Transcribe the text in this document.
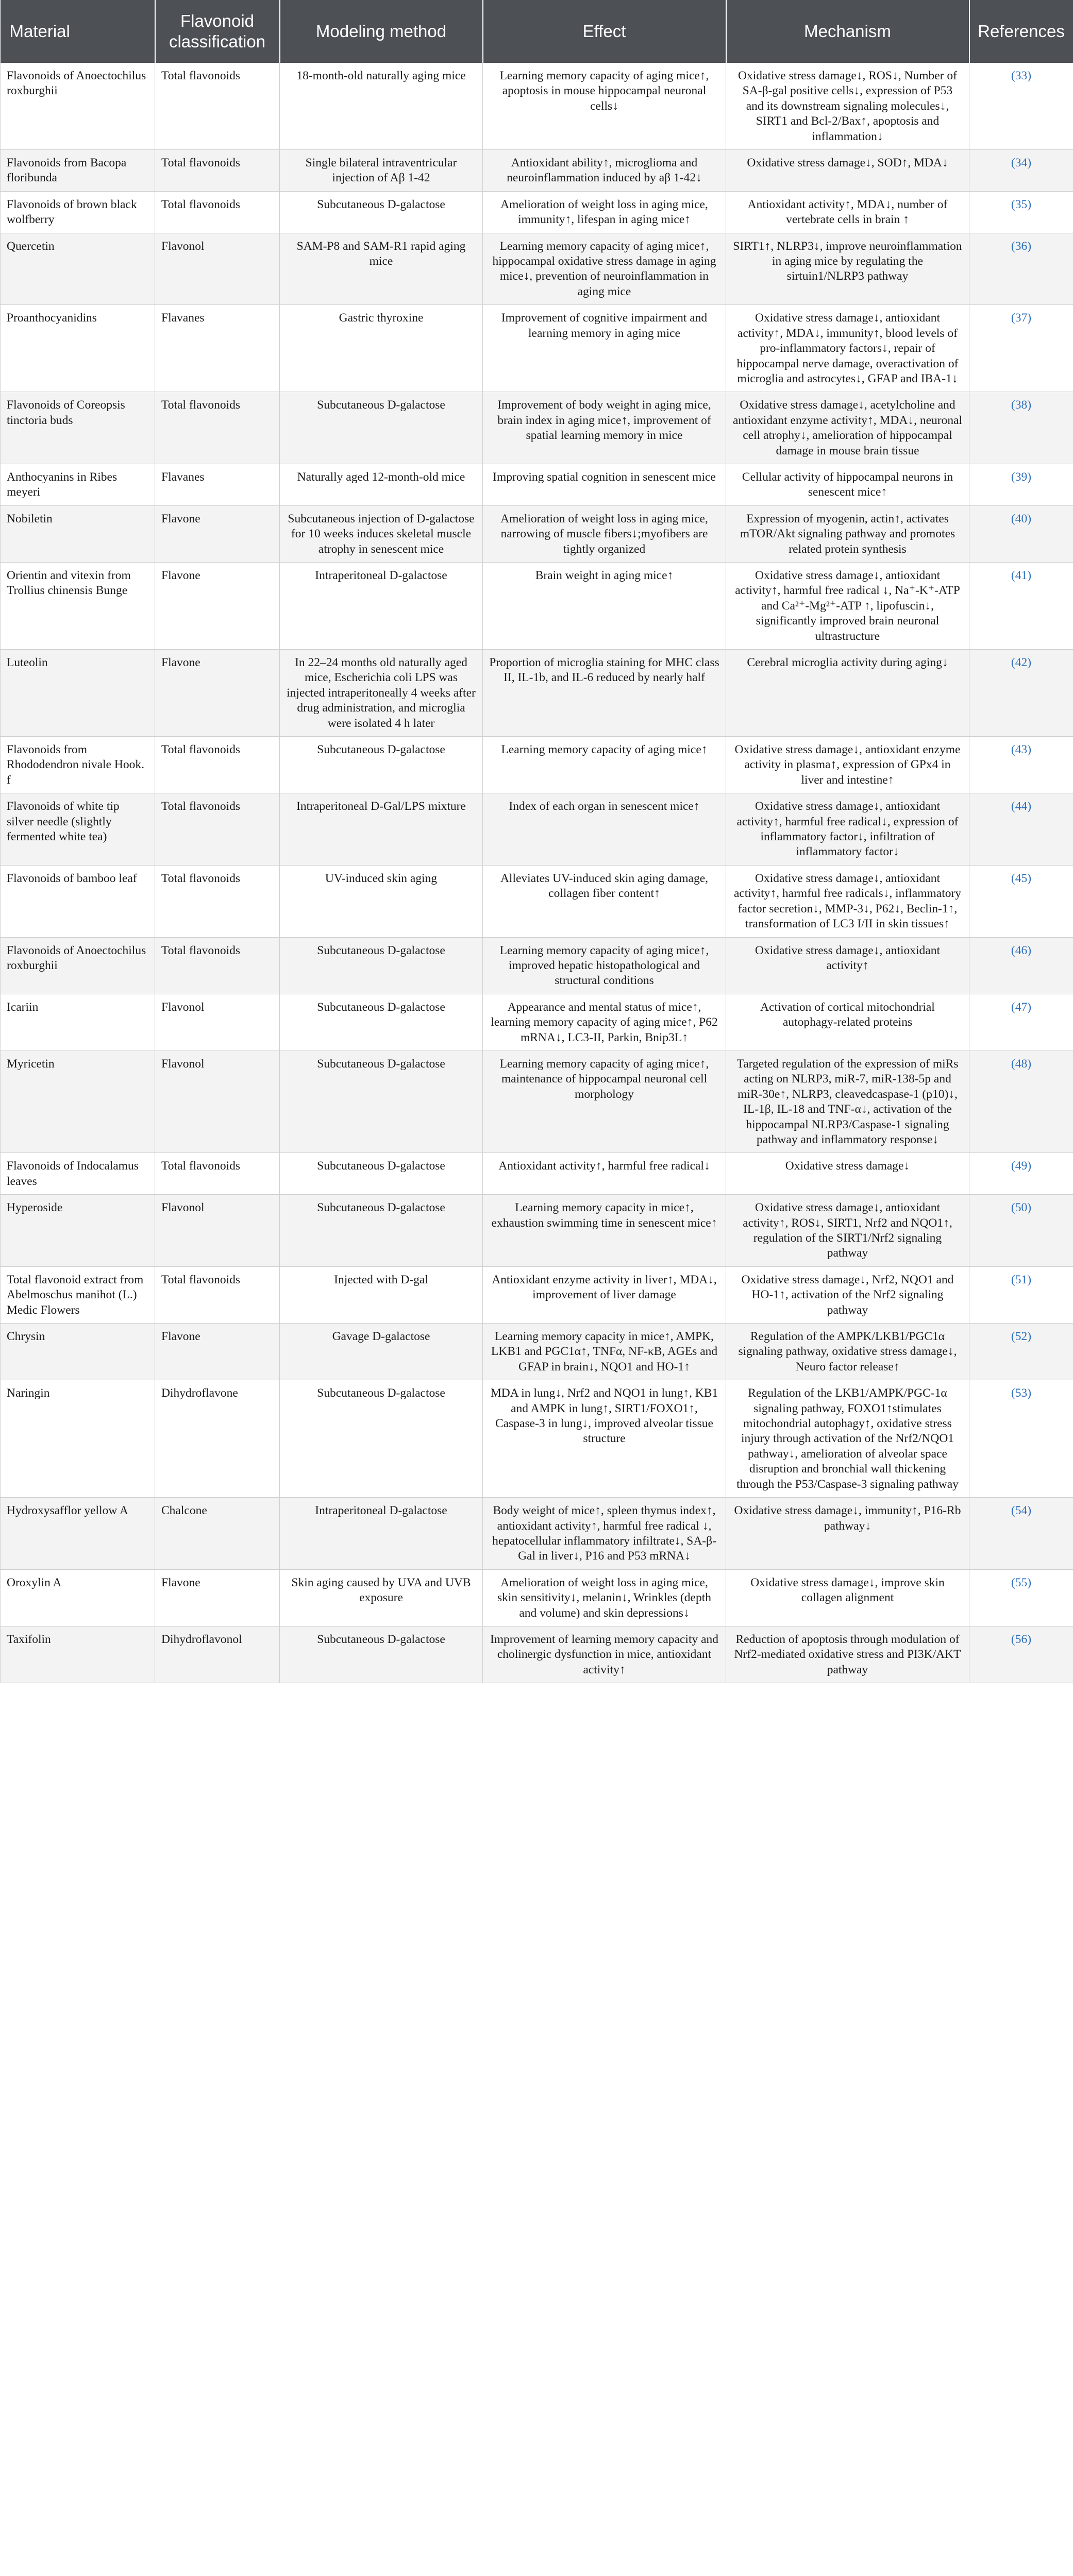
Material	Flavonoid classification	Modeling method	Effect	Mechanism	References
Flavonoids of Anoectochilus roxburghii	Total flavonoids	18-month-old naturally aging mice	Learning memory capacity of aging mice↑, apoptosis in mouse hippocampal neuronal cells↓	Oxidative stress damage↓, ROS↓, Number of SA-β-gal positive cells↓, expression of P53 and its downstream signaling molecules↓, SIRT1 and Bcl-2/Bax↑, apoptosis and inflammation↓	(33)
Flavonoids from Bacopa floribunda	Total flavonoids	Single bilateral intraventricular injection of Aβ 1-42	Antioxidant ability↑, microglioma and neuroinflammation induced by aβ 1-42↓	Oxidative stress damage↓, SOD↑, MDA↓	(34)
Flavonoids of brown black wolfberry	Total flavonoids	Subcutaneous D-galactose	Amelioration of weight loss in aging mice, immunity↑, lifespan in aging mice↑	Antioxidant activity↑, MDA↓, number of vertebrate cells in brain ↑	(35)
Quercetin	Flavonol	SAM-P8 and SAM-R1 rapid aging mice	Learning memory capacity of aging mice↑, hippocampal oxidative stress damage in aging mice↓, prevention of neuroinflammation in aging mice	SIRT1↑, NLRP3↓, improve neuroinflammation in aging mice by regulating the sirtuin1/NLRP3 pathway	(36)
Proanthocyanidins	Flavanes	Gastric thyroxine	Improvement of cognitive impairment and learning memory in aging mice	Oxidative stress damage↓, antioxidant activity↑, MDA↓, immunity↑, blood levels of pro-inflammatory factors↓, repair of hippocampal nerve damage, overactivation of microglia and astrocytes↓, GFAP and IBA-1↓	(37)
Flavonoids of Coreopsis tinctoria buds	Total flavonoids	Subcutaneous D-galactose	Improvement of body weight in aging mice, brain index in aging mice↑, improvement of spatial learning memory in mice	Oxidative stress damage↓, acetylcholine and antioxidant enzyme activity↑, MDA↓, neuronal cell atrophy↓, amelioration of hippocampal damage in mouse brain tissue	(38)
Anthocyanins in Ribes meyeri	Flavanes	Naturally aged 12-month-old mice	Improving spatial cognition in senescent mice	Cellular activity of hippocampal neurons in senescent mice↑	(39)
Nobiletin	Flavone	Subcutaneous injection of D-galactose for 10 weeks induces skeletal muscle atrophy in senescent mice	Amelioration of weight loss in aging mice, narrowing of muscle fibers↓;myofibers are tightly organized	Expression of myogenin, actin↑, activates mTOR/Akt signaling pathway and promotes related protein synthesis	(40)
Orientin and vitexin from Trollius chinensis Bunge	Flavone	Intraperitoneal D-galactose	Brain weight in aging mice↑	Oxidative stress damage↓, antioxidant activity↑, harmful free radical ↓, Na⁺-K⁺-ATP and Ca²⁺-Mg²⁺-ATP ↑, lipofuscin↓, significantly improved brain neuronal ultrastructure	(41)
Luteolin	Flavone	In 22–24 months old naturally aged mice, Escherichia coli LPS was injected intraperitoneally 4 weeks after drug administration, and microglia were isolated 4 h later	Proportion of microglia staining for MHC class II, IL-1b, and IL-6 reduced by nearly half	Cerebral microglia activity during aging↓	(42)
Flavonoids from Rhododendron nivale Hook. f	Total flavonoids	Subcutaneous D-galactose	Learning memory capacity of aging mice↑	Oxidative stress damage↓, antioxidant enzyme activity in plasma↑, expression of GPx4 in liver and intestine↑	(43)
Flavonoids of white tip silver needle (slightly fermented white tea)	Total flavonoids	Intraperitoneal D-Gal/LPS mixture	Index of each organ in senescent mice↑	Oxidative stress damage↓, antioxidant activity↑, harmful free radical↓, expression of inflammatory factor↓, infiltration of inflammatory factor↓	(44)
Flavonoids of bamboo leaf	Total flavonoids	UV-induced skin aging	Alleviates UV-induced skin aging damage, collagen fiber content↑	Oxidative stress damage↓, antioxidant activity↑, harmful free radicals↓, inflammatory factor secretion↓, MMP-3↓, P62↓, Beclin-1↑, transformation of LC3 I/II in skin tissues↑	(45)
Flavonoids of Anoectochilus roxburghii	Total flavonoids	Subcutaneous D-galactose	Learning memory capacity of aging mice↑, improved hepatic histopathological and structural conditions	Oxidative stress damage↓, antioxidant activity↑	(46)
Icariin	Flavonol	Subcutaneous D-galactose	Appearance and mental status of mice↑, learning memory capacity of aging mice↑, P62 mRNA↓, LC3-II, Parkin, Bnip3L↑	Activation of cortical mitochondrial autophagy-related proteins	(47)
Myricetin	Flavonol	Subcutaneous D-galactose	Learning memory capacity of aging mice↑, maintenance of hippocampal neuronal cell morphology	Targeted regulation of the expression of miRs acting on NLRP3, miR-7, miR-138-5p and miR-30e↑, NLRP3, cleavedcaspase-1 (p10)↓, IL-1β, IL-18 and TNF-α↓, activation of the hippocampal NLRP3/Caspase-1 signaling pathway and inflammatory response↓	(48)
Flavonoids of Indocalamus leaves	Total flavonoids	Subcutaneous D-galactose	Antioxidant activity↑, harmful free radical↓	Oxidative stress damage↓	(49)
Hyperoside	Flavonol	Subcutaneous D-galactose	Learning memory capacity in mice↑, exhaustion swimming time in senescent mice↑	Oxidative stress damage↓, antioxidant activity↑, ROS↓, SIRT1, Nrf2 and NQO1↑, regulation of the SIRT1/Nrf2 signaling pathway	(50)
Total flavonoid extract from Abelmoschus manihot (L.) Medic Flowers	Total flavonoids	Injected with D-gal	Antioxidant enzyme activity in liver↑, MDA↓, improvement of liver damage	Oxidative stress damage↓, Nrf2, NQO1 and HO-1↑, activation of the Nrf2 signaling pathway	(51)
Chrysin	Flavone	Gavage D-galactose	Learning memory capacity in mice↑, AMPK, LKB1 and PGC1α↑, TNFα, NF-κB, AGEs and GFAP in brain↓, NQO1 and HO-1↑	Regulation of the AMPK/LKB1/PGC1α signaling pathway, oxidative stress damage↓, Neuro factor release↑	(52)
Naringin	Dihydroflavone	Subcutaneous D-galactose	MDA in lung↓, Nrf2 and NQO1 in lung↑, KB1 and AMPK in lung↑, SIRT1/FOXO1↑, Caspase-3 in lung↓, improved alveolar tissue structure	Regulation of the LKB1/AMPK/PGC-1α signaling pathway, FOXO1↑stimulates mitochondrial autophagy↑, oxidative stress injury through activation of the Nrf2/NQO1 pathway↓, amelioration of alveolar space disruption and bronchial wall thickening through the P53/Caspase-3 signaling pathway	(53)
Hydroxysafflor yellow A	Chalcone	Intraperitoneal D-galactose	Body weight of mice↑, spleen thymus index↑, antioxidant activity↑, harmful free radical ↓, hepatocellular inflammatory infiltrate↓, SA-β-Gal in liver↓, P16 and P53 mRNA↓	Oxidative stress damage↓, immunity↑, P16-Rb pathway↓	(54)
Oroxylin A	Flavone	Skin aging caused by UVA and UVB exposure	Amelioration of weight loss in aging mice, skin sensitivity↓, melanin↓, Wrinkles (depth and volume) and skin depressions↓	Oxidative stress damage↓, improve skin collagen alignment	(55)
Taxifolin	Dihydroflavonol	Subcutaneous D-galactose	Improvement of learning memory capacity and cholinergic dysfunction in mice, antioxidant activity↑	Reduction of apoptosis through modulation of Nrf2-mediated oxidative stress and PI3K/AKT pathway	(56)
